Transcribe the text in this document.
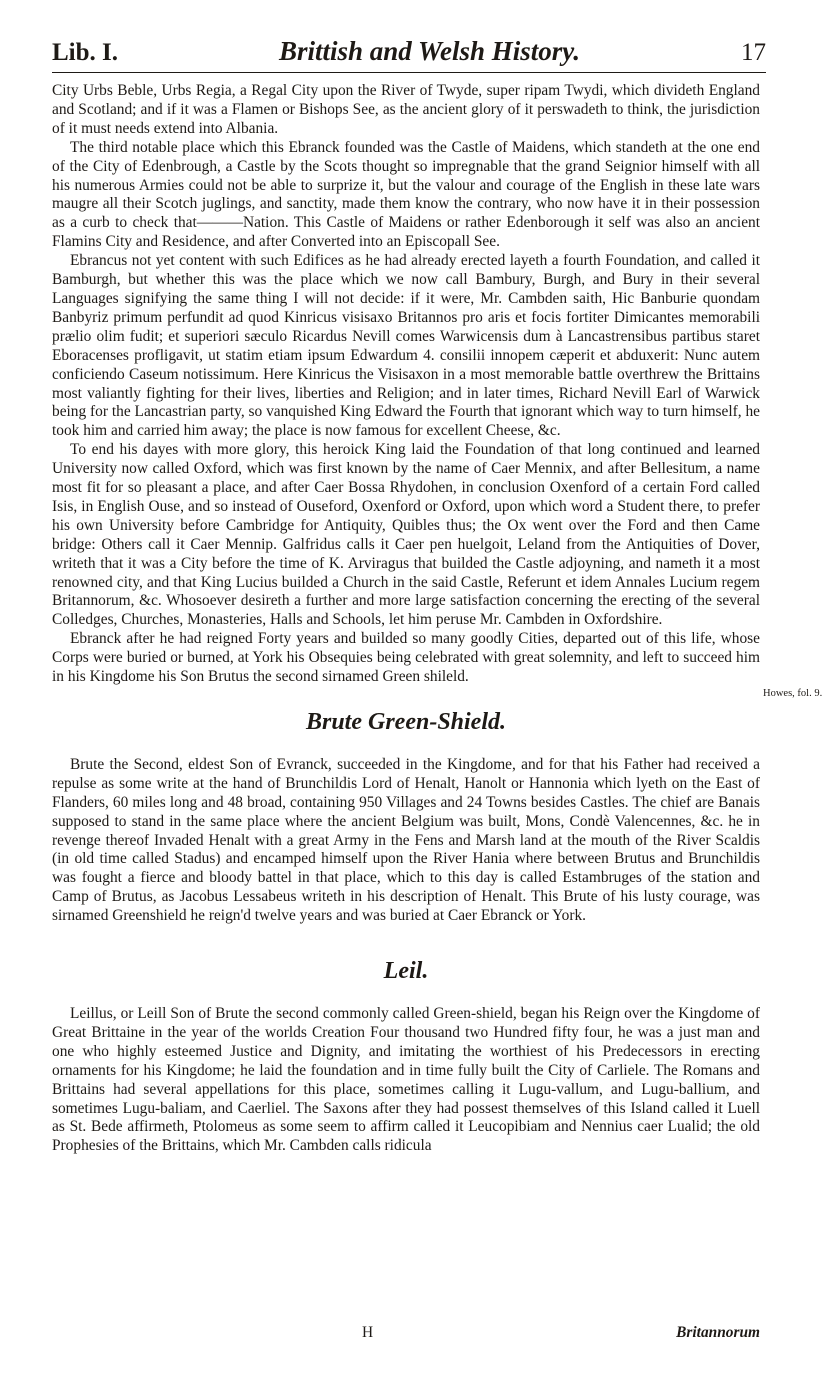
Lib. I.	Brittish and Welsh History.	17

City Urbs Beble, Urbs Regia, a Regal City upon the River of Twyde, super ripam Twydi, which divideth England and Scotland; and if it was a Flamen or Bishops See, as the ancient glory of it perswadeth to think, the jurisdiction of it must needs extend into Albania.

The third notable place which this Ebranck founded was the Castle of Maidens, which standeth at the one end of the City of Edenbrough, a Castle by the Scots thought so impregnable that the grand Seignior himself with all his numerous Armies could not be able to surprize it, but the valour and courage of the English in these late wars maugre all their Scotch juglings, and sanctity, made them know the contrary, who now have it in their possession as a curb to check that———Nation. This Castle of Maidens or rather Edenborough it self was also an ancient Flamins City and Residence, and after Converted into an Episcopall See.

Ebrancus not yet content with such Edifices as he had already erected layeth a fourth Foundation, and called it Bamburgh, but whether this was the place which we now call Bambury, Burgh, and Bury in their several Languages signifying the same thing I will not decide: if it were, Mr. Cambden saith, Hic Banburie quondam Banbyriz primum perfundit ad quod Kinricus visisaxo Britannos pro aris et focis fortiter Dimicantes memorabili prælio olim fudit; et superiori sæculo Ricardus Nevill comes Warwicensis dum à Lancastrensibus partibus staret Eboracenses profligavit, ut statim etiam ipsum Edwardum 4. consilii innopem cæperit et abduxerit: Nunc autem conficiendo Caseum notissimum. Here Kinricus the Visisaxon in a most memorable battle overthrew the Brittains most valiantly fighting for their lives, liberties and Religion; and in later times, Richard Nevill Earl of Warwick being for the Lancastrian party, so vanquished King Edward the Fourth that ignorant which way to turn himself, he took him and carried him away; the place is now famous for excellent Cheese, &c.

To end his dayes with more glory, this heroick King laid the Foundation of that long continued and learned University now called Oxford, which was first known by the name of Caer Mennix, and after Bellesitum, a name most fit for so pleasant a place, and after Caer Bossa Rhydohen, in conclusion Oxenford of a certain Ford called Isis, in English Ouse, and so instead of Ouseford, Oxenford or Oxford, upon which word a Student there, to prefer his own University before Cambridge for Antiquity, Quibles thus; the Ox went over the Ford and then Came bridge: Others call it Caer Mennip. Galfridus calls it Caer pen huelgoit, Leland from the Antiquities of Dover, writeth that it was a City before the time of K. Arviragus that builded the Castle adjoyning, and nameth it a most renowned city, and that King Lucius builded a Church in the said Castle, Referunt et idem Annales Lucium regem Britannorum, &c. Whosoever desireth a further and more large satisfaction concerning the erecting of the several Colledges, Churches, Monasteries, Halls and Schools, let him peruse Mr. Cambden in Oxfordshire.

Ebranck after he had reigned Forty years and builded so many goodly Cities, departed out of this life, whose Corps were buried or burned, at York his Obsequies being celebrated with great solemnity, and left to succeed him in his Kingdome his Son Brutus the second sirnamed Green shileld.

Brute Green-Shield.

Brute the Second, eldest Son of Evranck, succeeded in the Kingdome, and for that his Father had received a repulse as some write at the hand of Brunchildis Lord of Henalt, Hanolt or Hannonia which lyeth on the East of Flanders, 60 miles long and 48 broad, containing 950 Villages and 24 Towns besides Castles. The chief are Banais supposed to stand in the same place where the ancient Belgium was built, Mons, Condè Valencennes, &c. he in revenge thereof Invaded Henalt with a great Army in the Fens and Marsh land at the mouth of the River Scaldis (in old time called Stadus) and encamped himself upon the River Hania where between Brutus and Brunchildis was fought a fierce and bloody battel in that place, which to this day is called Estambruges of the station and Camp of Brutus, as Jacobus Lessabeus writeth in his description of Henalt. This Brute of his lusty courage, was sirnamed Greenshield he reign'd twelve years and was buried at Caer Ebranck or York.

Leil.

Leillus, or Leill Son of Brute the second commonly called Green-shield, began his Reign over the Kingdome of Great Brittaine in the year of the worlds Creation Four thousand two Hundred fifty four, he was a just man and one who highly esteemed Justice and Dignity, and imitating the worthiest of his Predecessors in erecting ornaments for his Kingdome; he laid the foundation and in time fully built the City of Carliele. The Romans and Brittains had several appellations for this place, sometimes calling it Lugu-vallum, and Lugu-ballium, and sometimes Lugu-baliam, and Caerliel. The Saxons after they had possest themselves of this Island called it Luell as St. Bede affirmeth, Ptolomeus as some seem to affirm called it Leucopibiam and Nennius caer Lualid; the old Prophesies of the Brittains, which Mr. Cambden calls ridicula

Howes, fol. 9.
H	Britannorum
